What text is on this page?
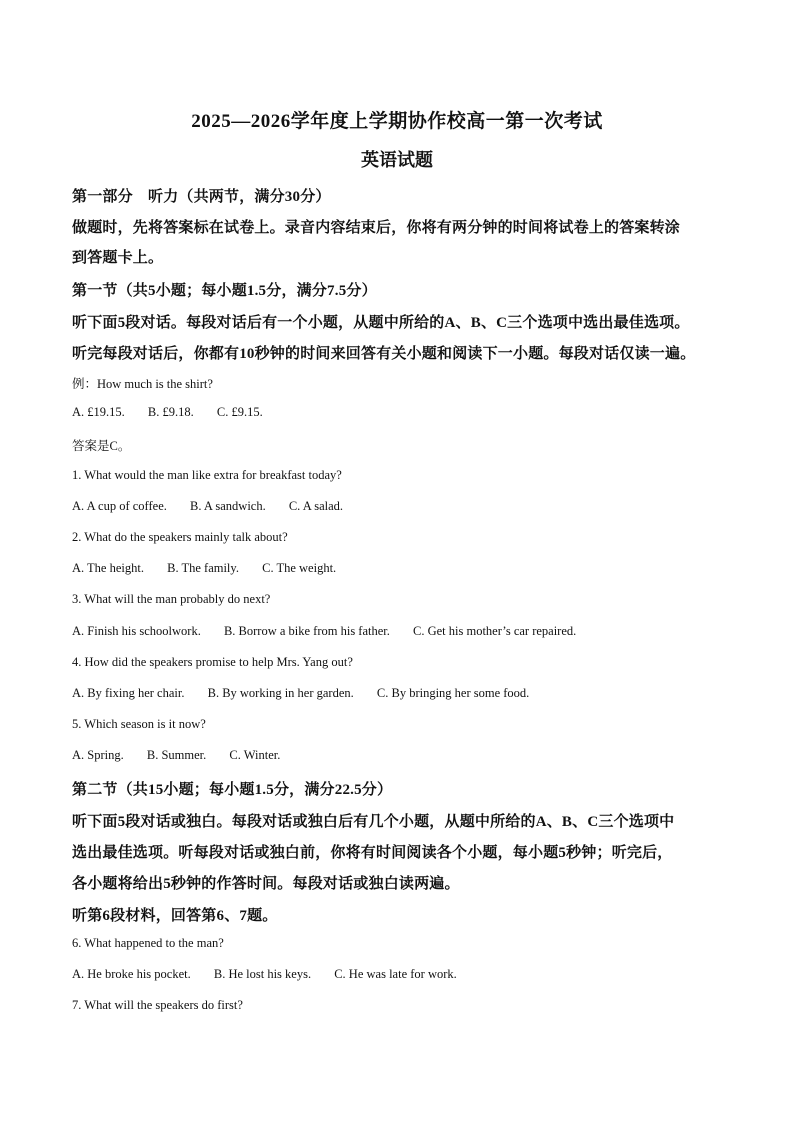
2025—2026学年度上学期协作校高一第一次考试
英语试题
第一部分　听力（共两节，满分30分）
做题时，先将答案标在试卷上。录音内容结束后，你将有两分钟的时间将试卷上的答案转涂
到答题卡上。
第一节（共5小题；每小题1.5分，满分7.5分）
听下面5段对话。每段对话后有一个小题，从题中所给的A、B、C三个选项中选出最佳选项。
听完每段对话后，你都有10秒钟的时间来回答有关小题和阅读下一小题。每段对话仅读一遍。
例：How much is the shirt?
A. £19.15. B. £9.18. C. £9.15.
答案是C。
1. What would the man like extra for breakfast today?
A. A cup of coffee. B. A sandwich. C. A salad.
2. What do the speakers mainly talk about?
A. The height. B. The family. C. The weight.
3. What will the man probably do next?
A. Finish his schoolwork. B. Borrow a bike from his father. C. Get his mother’s car repaired.
4. How did the speakers promise to help Mrs. Yang out?
A. By fixing her chair. B. By working in her garden. C. By bringing her some food.
5. Which season is it now?
A. Spring. B. Summer. C. Winter.
第二节（共15小题；每小题1.5分，满分22.5分）
听下面5段对话或独白。每段对话或独白后有几个小题，从题中所给的A、B、C三个选项中
选出最佳选项。听每段对话或独白前，你将有时间阅读各个小题，每小题5秒钟；听完后，
各小题将给出5秒钟的作答时间。每段对话或独白读两遍。
听第6段材料，回答第6、7题。
6. What happened to the man?
A. He broke his pocket. B. He lost his keys. C. He was late for work.
7. What will the speakers do first?
